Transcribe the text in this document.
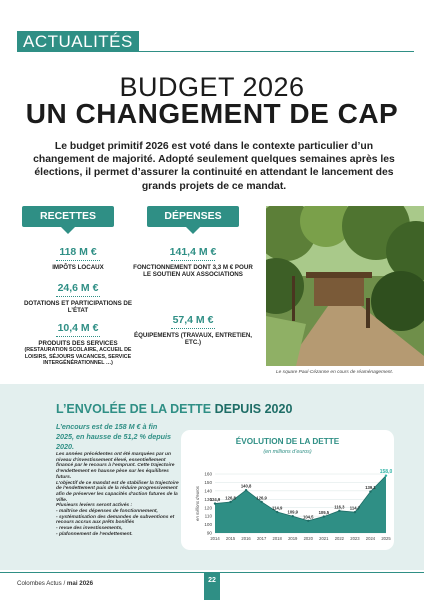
ACTUALITÉS
BUDGET 2026
UN CHANGEMENT DE CAP
Le budget primitif 2026 est voté dans le contexte particulier d’un changement de majorité. Adopté seulement quelques semaines après les élections, il permet d’assurer la continuité en attendant le lancement des grands projets de ce mandat.
RECETTES
118 M €
IMPÔTS LOCAUX
24,6 M €
DOTATIONS ET PARTICIPATIONS DE L’ÉTAT
10,4 M €
PRODUITS DES SERVICES
(RESTAURATION SCOLAIRE, ACCUEIL DE LOISIRS, SÉJOURS VACANCES, SERVICE INTERGÉNÉRATIONNEL …)
DÉPENSES
141,4 M €
FONCTIONNEMENT DONT 3,3 M € POUR LE SOUTIEN AUX ASSOCIATIONS
57,4 M €
ÉQUIPEMENTS (TRAVAUX, ENTRETIEN, ETC.)
Le square Paul-Cézanne en cours de réaménagement.
L’ENVOLÉE DE LA DETTE DEPUIS 2020
L’encours est de 158 M € à fin 2025, en hausse de 51,2 % depuis 2020.

Les années précédentes ont été marquées par un niveau d’investissement élevé, essentiellement financé par le recours à l’emprunt. Cette trajectoire d’endettement en hausse pèse sur les équilibres futurs.

L’objectif de ce mandat est de stabiliser la trajectoire de l’endettement puis de la réduire progressivement afin de préserver les capacités d’action futures de la Ville.

Plusieurs leviers seront activés :

- maîtrise des dépenses de fonctionnement,

- systématisation des demandes de subventions et recours accrus aux prêts bonifiés

- revue des investissements,

- plafonnement de l’endettement.

ÉVOLUTION DE LA DETTE
(en millions d’euros)
90
100
110
120
130
140
150
160
en millions d’euros 124,9
2014
126,8
2015
140,8
2016
126,9
2017
114,9
2018
109,9
2019
104,5
2020
109,5
2021
116,3
2022
114,7
2023
139,1
2024
158,0
2025
Colombes Actus / mai 2026	22
